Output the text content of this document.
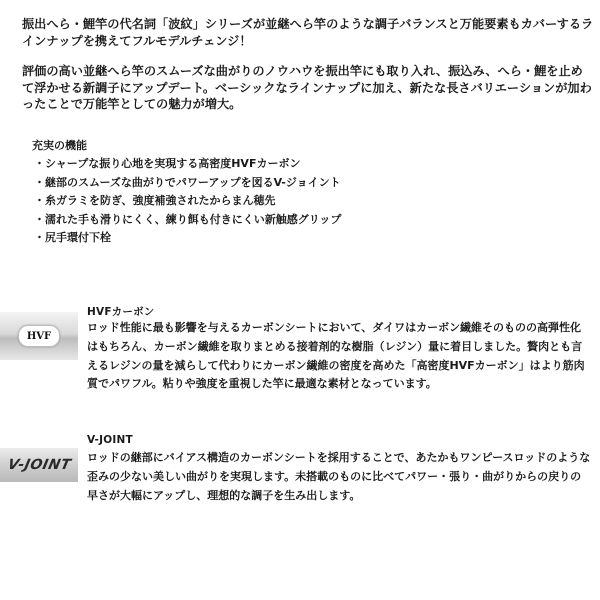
振出へら・鯉竿の代名詞「波紋」シリーズが並継へら竿のような調子バランスと万能要素もカバーするラインナップを携えてフルモデルチェンジ！

評価の高い並継へら竿のスムーズな曲がりのノウハウを振出竿にも取り入れ、振込み、へら・鯉を止めて浮かせる新調子にアップデート。ベーシックなラインナップに加え、新たな長さバリエーションが加わったことで万能竿としての魅力が増大。

充実の機能
・シャープな振り心地を実現する高密度HVFカーボン
・継部のスムーズな曲がりでパワーアップを図るV-ジョイント
・糸ガラミを防ぎ、強度補強されたからまん穂先
・濡れた手も滑りにくく、練り餌も付きにくい新触感グリップ
・尻手環付下栓
HVF
HVFカーボン
ロッド性能に最も影響を与えるカーボンシートにおいて、ダイワはカーボン繊維そのものの高弾性化はもちろん、カーボン繊維を取りまとめる接着剤的な樹脂（レジン）量に着目しました。贅肉とも言えるレジンの量を減らして代わりにカーボン繊維の密度を高めた「高密度HVFカーボン」はより筋肉質でパワフル。粘りや強度を重視した竿に最適な素材となっています。
V-JOINT
V-JOINT
ロッドの継部にバイアス構造のカーボンシートを採用することで、あたかもワンピースロッドのような歪みの少ない美しい曲がりを実現します。未搭載のものに比べてパワー・張り・曲がりからの戻りの早さが大幅にアップし、理想的な調子を生み出します。
